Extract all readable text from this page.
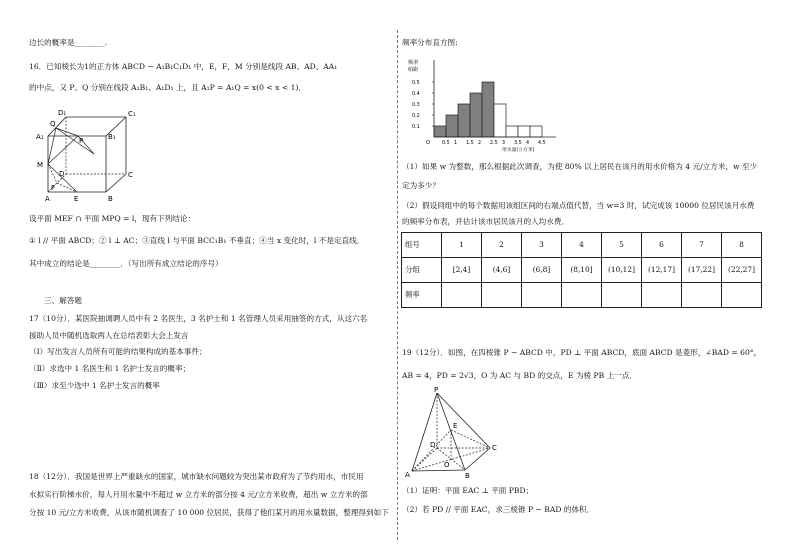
边长的概率是________.
16．已知棱长为1的正方体 ABCD − A₁B₁C₁D₁ 中，E，F，M 分别是线段 AB、AD、AA₁
的中点，又 P、Q 分别在线段 A₁B₁、A₁D₁ 上，且 A₁P = A₁Q = x(0 < x < 1)．
D₁	C₁
A₁	B₁
Q
P
M
D	C
A	E	B
F
设平面 MEF ∩ 平面 MPQ = l，现有下列结论：
① l // 平面 ABCD；② l ⊥ AC；③直线 l 与平面 BCC₁B₁ 不垂直；④当 x 变化时，l 不是定直线．
其中成立的结论是________．（写出所有成立结论的序号）
三、解答题
17（10分）．某医院抽调聘人员中有 2 名医生，3 名护士和 1 名管理人员采用抽签的方式，从这六名
援助人员中随机选取两人在总结表彰大会上发言
（Ⅰ）写出发言人员所有可能的结果构成的基本事件；
（Ⅱ）求选中 1 名医生和 1 名护士发言的概率；
（Ⅲ）求至少选中 1 名护士发言的概率
18（12分）．我国是世界上严重缺水的国家，城市缺水问题较为突出某市政府为了节约用水，市民用
水拟实行阶梯水价，每人月用水量中不超过 w 立方米的部分按 4 元/立方米收费，超出 w 立方米的部
分按 10 元/立方米收费，从该市随机调查了 10 000 位居民，获得了他们某月的用水量数据，整理得到如下
频率分布直方图:
频率
组距
0.5
0.4
0.3
0.2
0.1
0.5 1 1.5 2 2.5 3 3.5 4 4.5
O
用水量(立方米)
（1）如果 w 为整数，那么根据此次调查，为使 80% 以上居民在该月的用水价格为 4 元/立方米，w 至少
定为多少？
（2）假设同组中的每个数据用该组区间的右端点值代替，当 w=3 时，试完成该 10000 位居民该月水费
的频率分布表，并估计该市居民该月的人均水费．
组号	1	2	3	4	5	6	7	8
分组	[2,4]	(4,6]	(6,8]	(8,10]	(10,12]	(12,17]	(17,22]	(22,27]
频率								
19（12分）．如图，在四棱锥 P − ABCD 中，PD ⊥ 平面 ABCD，底面 ABCD 是菱形，∠BAD = 60°，
AB = 4，PD = 2√3，O 为 AC 与 BD 的交点，E 为棱 PB 上一点．
P
E
D	C
O
A	B
（1）证明：平面 EAC ⊥ 平面 PBD；
（2）若 PD // 平面 EAC，求三棱锥 P − BAD 的体积．
